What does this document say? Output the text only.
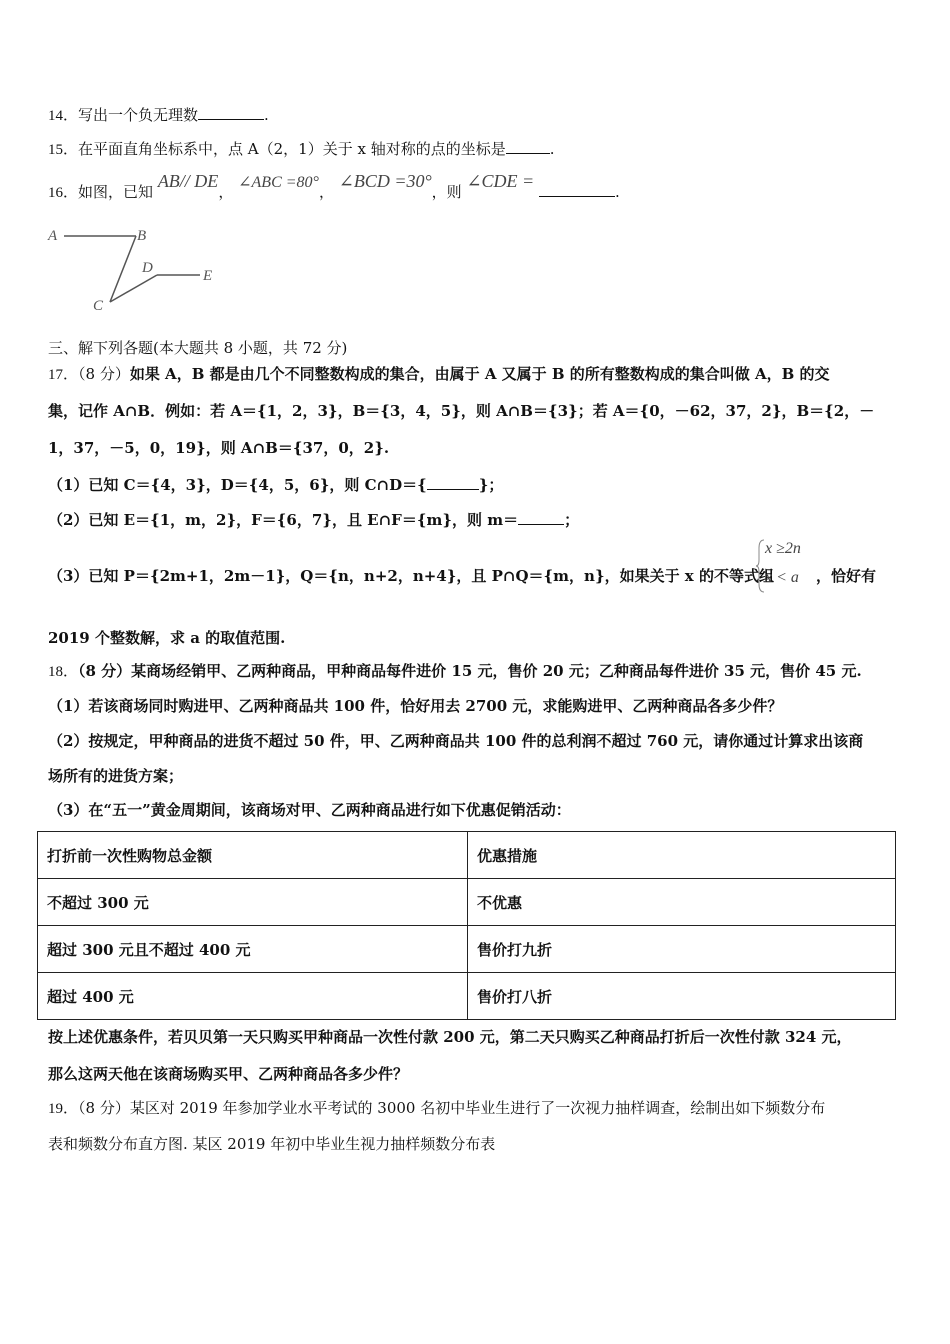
14．写出一个负无理数	.
15．在平面直角坐标系中，点 A（2，1）关于 x 轴对称的点的坐标是	.
16．如图，已知 AB// DE， ∠ABC =80°， ∠BCD =30°，则 ∠CDE = .
A	B
D	E
C
三、解下列各题(本大题共 8 小题，共 72 分)
17．（8 分）如果 A，B 都是由几个不同整数构成的集合，由属于 A 又属于 B 的所有整数构成的集合叫做 A，B 的交
集，记作 A∩B．例如：若 A＝{1，2，3}，B＝{3，4，5}，则 A∩B＝{3}；若 A＝{0，－62，37，2}，B＝{2，－
1，37，－5，0，19}，则 A∩B＝{37，0，2}.
（1）已知 C＝{4，3}，D＝{4，5，6}，则 C∩D＝{	}；
（2）已知 E＝{1，m，2}，F＝{6，7}，且 E∩F＝{m}，则 m＝	；
（3）已知 P＝{2m+1，2m－1}，Q＝{n，n+2，n+4}，且 P∩Q＝{m，n}，如果关于 x 的不等式组
x ≥2n
x < a ，恰好有
2019 个整数解，求 a 的取值范围.
18．（8 分）某商场经销甲、乙两种商品，甲种商品每件进价 15 元，售价 20 元；乙种商品每件进价 35 元，售价 45 元.
（1）若该商场同时购进甲、乙两种商品共 100 件，恰好用去 2700 元，求能购进甲、乙两种商品各多少件？
（2）按规定，甲种商品的进货不超过 50 件，甲、乙两种商品共 100 件的总利润不超过 760 元，请你通过计算求出该商
场所有的进货方案；
（3）在“五一”黄金周期间，该商场对甲、乙两种商品进行如下优惠促销活动：
打折前一次性购物总金额	优惠措施
不超过 300 元	不优惠
超过 300 元且不超过 400 元	售价打九折
超过 400 元	售价打八折
按上述优惠条件，若贝贝第一天只购买甲种商品一次性付款 200 元，第二天只购买乙种商品打折后一次性付款 324 元，
那么这两天他在该商场购买甲、乙两种商品各多少件？
19．（8 分）某区对 2019 年参加学业水平考试的 3000 名初中毕业生进行了一次视力抽样调查，绘制出如下频数分布
表和频数分布直方图. 某区 2019 年初中毕业生视力抽样频数分布表
